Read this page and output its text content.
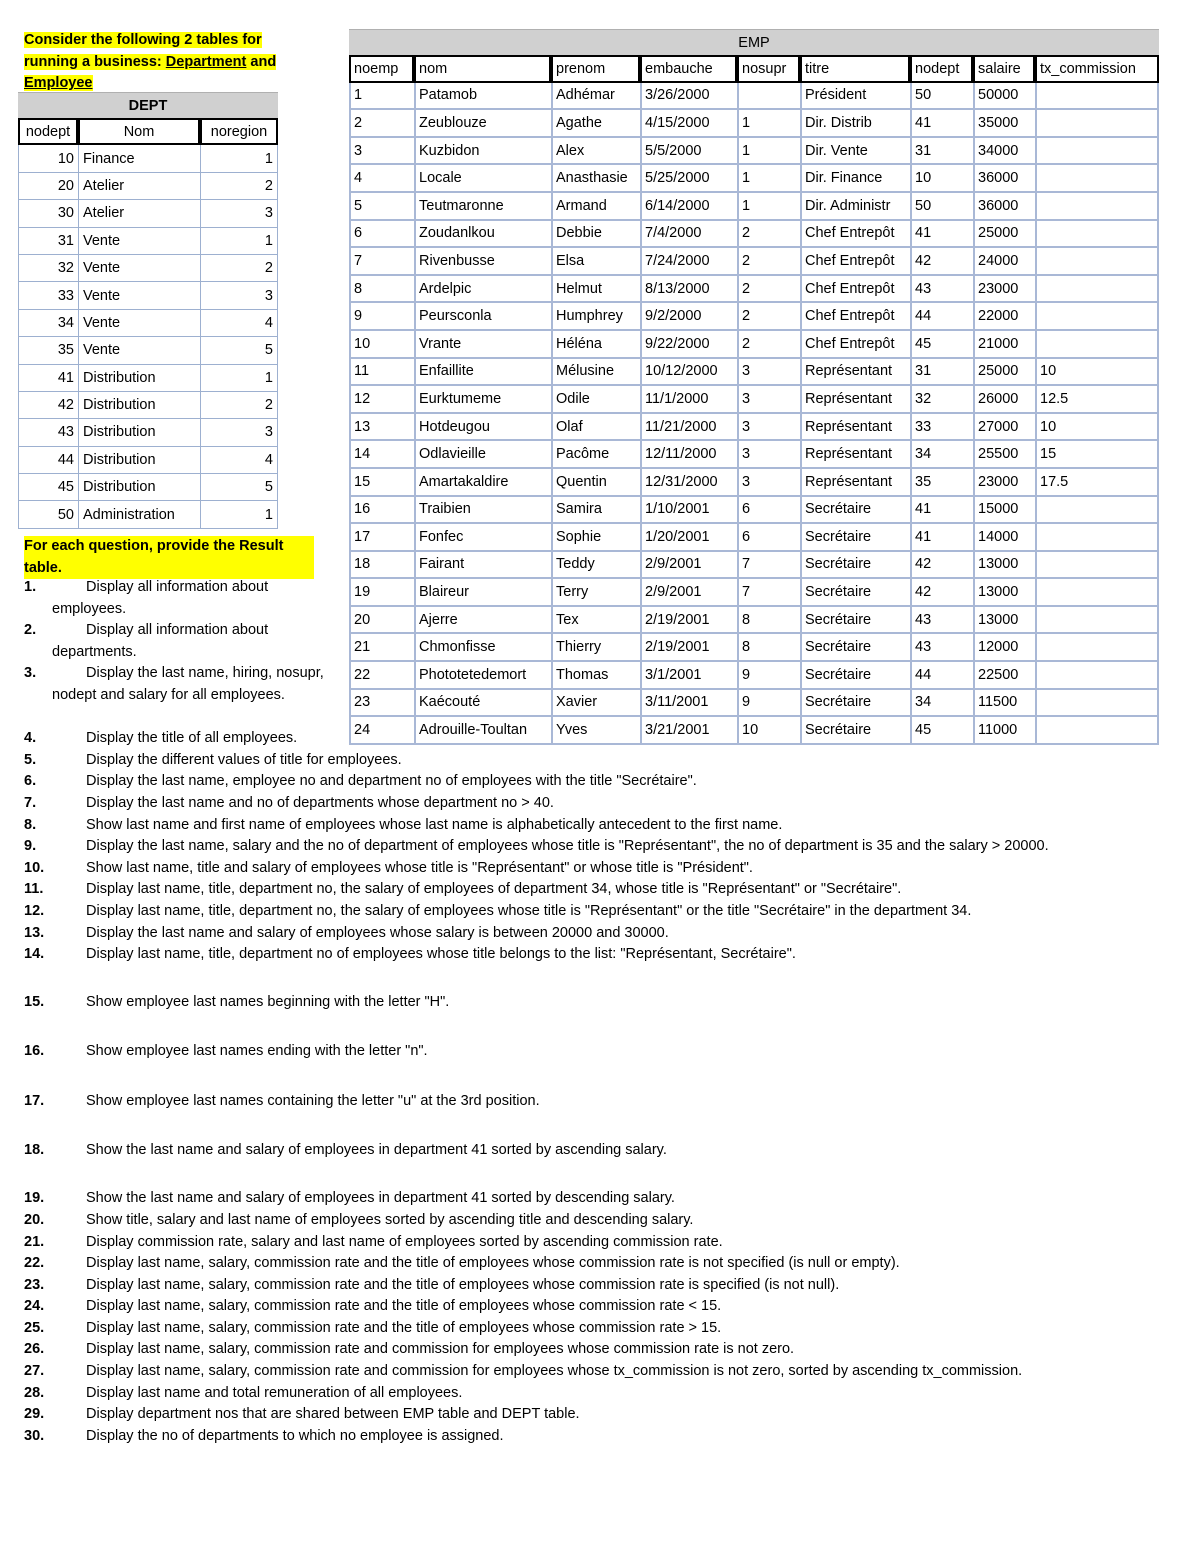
Consider the following 2 tables for
running a business: Department and
Employee
DEPT		
nodept	Nom	noregion
10	Finance	1
20	Atelier	2
30	Atelier	3
31	Vente	1
32	Vente	2
33	Vente	3
34	Vente	4
35	Vente	5
41	Distribution	1
42	Distribution	2
43	Distribution	3
44	Distribution	4
45	Distribution	5
50	Administration	1
EMP								
noemp	nom	prenom	embauche	nosupr	titre	nodept	salaire	tx_commission
1	Patamob	Adhémar	3/26/2000		Président	50	50000	
2	Zeublouze	Agathe	4/15/2000	1	Dir. Distrib	41	35000	
3	Kuzbidon	Alex	5/5/2000	1	Dir. Vente	31	34000	
4	Locale	Anasthasie	5/25/2000	1	Dir. Finance	10	36000	
5	Teutmaronne	Armand	6/14/2000	1	Dir. Administr	50	36000	
6	Zoudanlkou	Debbie	7/4/2000	2	Chef Entrepôt	41	25000	
7	Rivenbusse	Elsa	7/24/2000	2	Chef Entrepôt	42	24000	
8	Ardelpic	Helmut	8/13/2000	2	Chef Entrepôt	43	23000	
9	Peursconla	Humphrey	9/2/2000	2	Chef Entrepôt	44	22000	
10	Vrante	Héléna	9/22/2000	2	Chef Entrepôt	45	21000	
11	Enfaillite	Mélusine	10/12/2000	3	Représentant	31	25000	10
12	Eurktumeme	Odile	11/1/2000	3	Représentant	32	26000	12.5
13	Hotdeugou	Olaf	11/21/2000	3	Représentant	33	27000	10
14	Odlavieille	Pacôme	12/11/2000	3	Représentant	34	25500	15
15	Amartakaldire	Quentin	12/31/2000	3	Représentant	35	23000	17.5
16	Traibien	Samira	1/10/2001	6	Secrétaire	41	15000	
17	Fonfec	Sophie	1/20/2001	6	Secrétaire	41	14000	
18	Fairant	Teddy	2/9/2001	7	Secrétaire	42	13000	
19	Blaireur	Terry	2/9/2001	7	Secrétaire	42	13000	
20	Ajerre	Tex	2/19/2001	8	Secrétaire	43	13000	
21	Chmonfisse	Thierry	2/19/2001	8	Secrétaire	43	12000	
22	Phototetedemort	Thomas	3/1/2001	9	Secrétaire	44	22500	
23	Kaécouté	Xavier	3/11/2001	9	Secrétaire	34	11500	
24	Adrouille-Toultan	Yves	3/21/2001	10	Secrétaire	45	11000	
For each question, provide the Result table.
1.	Display all information about employees.
2.	Display all information about departments.
3.	Display the last name, hiring, nosupr, nodept and salary for all employees.
4.	Display the title of all employees.
5.	Display the different values of title for employees.
6.	Display the last name, employee no and department no of employees with the title "Secrétaire".
7.	Display the last name and no of departments whose department no > 40.
8.	Show last name and first name of employees whose last name is alphabetically antecedent to the first name.
9.	Display the last name, salary and the no of department of employees whose title is "Représentant", the no of department is 35 and the salary > 20000.
10.	Show last name, title and salary of employees whose title is "Représentant" or whose title is "Président".
11.	Display last name, title, department no, the salary of employees of department 34, whose title is "Représentant" or "Secrétaire".
12.	Display last name, title, department no, the salary of employees whose title is "Représentant" or the title "Secrétaire" in the department 34.
13.	Display the last name and salary of employees whose salary is between 20000 and 30000.
14.	Display last name, title, department no of employees whose title belongs to the list: "Représentant, Secrétaire".
15.	Show employee last names beginning with the letter "H".
16.	Show employee last names ending with the letter "n".
17.	Show employee last names containing the letter "u" at the 3rd position.
18.	Show the last name and salary of employees in department 41 sorted by ascending salary.
19.	Show the last name and salary of employees in department 41 sorted by descending salary.
20.	Show title, salary and last name of employees sorted by ascending title and descending salary.
21.	Display commission rate, salary and last name of employees sorted by ascending commission rate.
22.	Display last name, salary, commission rate and the title of employees whose commission rate is not specified (is null or empty).
23.	Display last name, salary, commission rate and the title of employees whose commission rate is specified (is not null).
24.	Display last name, salary, commission rate and the title of employees whose commission rate < 15.
25.	Display last name, salary, commission rate and the title of employees whose commission rate > 15.
26.	Display last name, salary, commission rate and commission for employees whose commission rate is not zero.
27.	Display last name, salary, commission rate and commission for employees whose tx_commission is not zero, sorted by ascending tx_commission.
28.	Display last name and total remuneration of all employees.
29.	Display department nos that are shared between EMP table and DEPT table.
30.	Display the no of departments to which no employee is assigned.
